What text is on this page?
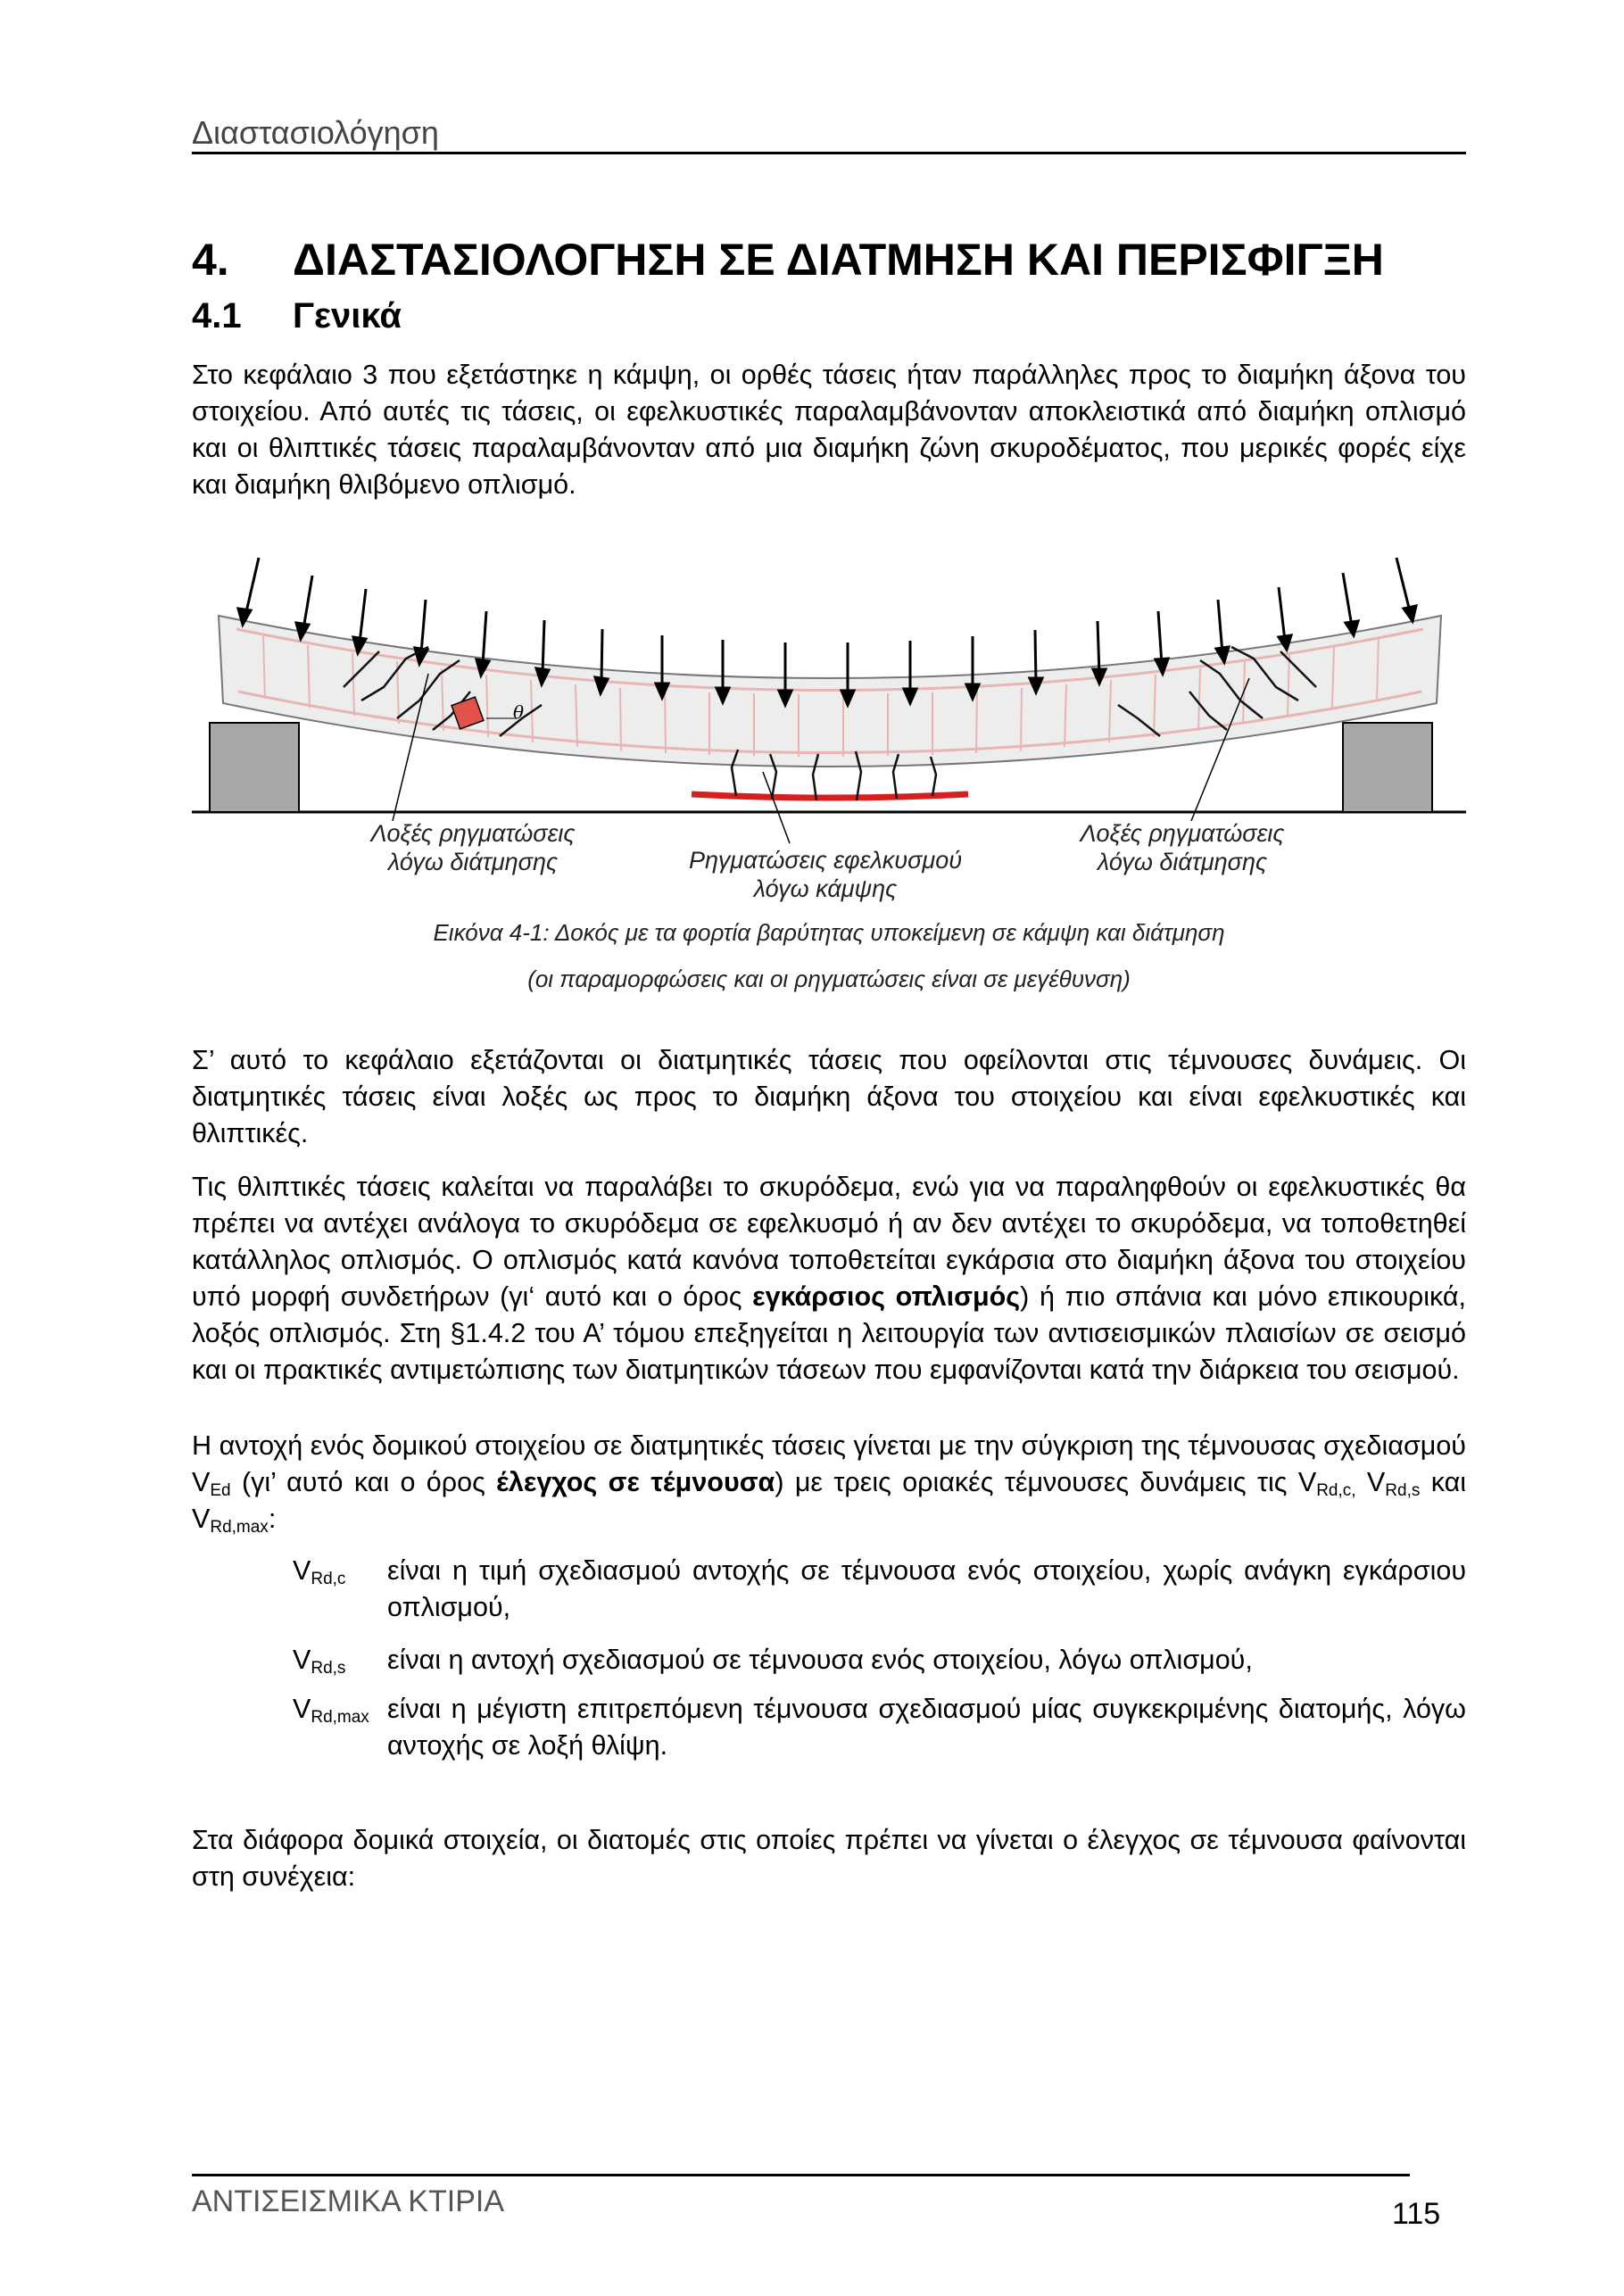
Διαστασιολόγηση
4. ΔΙΑΣΤΑΣΙΟΛΟΓΗΣΗ ΣΕ ΔΙΑΤΜΗΣΗ ΚΑΙ ΠΕΡΙΣΦΙΓΞΗ
4.1 Γενικά
Στο κεφάλαιο 3 που εξετάστηκε η κάμψη, οι ορθές τάσεις ήταν παράλληλες προς το διαμήκη άξονα του στοιχείου. Από αυτές τις τάσεις, οι εφελκυστικές παραλαμβάνονταν αποκλειστικά από διαμήκη οπλισμό και οι θλιπτικές τάσεις παραλαμβάνονταν από μια διαμήκη ζώνη σκυροδέματος, που μερικές φορές είχε και διαμήκη θλιβόμενο οπλισμό.
θ
Λοξές ρηγματώσεις λόγω διάτμησης	Ρηγματώσεις εφελκυσμού λόγω κάμψης
Λοξές ρηγματώσεις λόγω διάτμησης
Εικόνα 4-1: Δοκός με τα φορτία βαρύτητας υποκείμενη σε κάμψη και διάτμηση
(οι παραμορφώσεις και οι ρηγματώσεις είναι σε μεγέθυνση)
Σ’ αυτό το κεφάλαιο εξετάζονται οι διατμητικές τάσεις που οφείλονται στις τέμνουσες δυνάμεις. Οι διατμητικές τάσεις είναι λοξές ως προς το διαμήκη άξονα του στοιχείου και είναι εφελκυστικές και θλιπτικές.
Τις θλιπτικές τάσεις καλείται να παραλάβει το σκυρόδεμα, ενώ για να παραληφθούν οι εφελκυστικές θα πρέπει να αντέχει ανάλογα το σκυρόδεμα σε εφελκυσμό ή αν δεν αντέχει το σκυρόδεμα, να τοποθετηθεί κατάλληλος οπλισμός. Ο οπλισμός κατά κανόνα τοποθετείται εγκάρσια στο διαμήκη άξονα του στοιχείου υπό μορφή συνδετήρων (γι‘ αυτό και ο όρος εγκάρσιος οπλισμός) ή πιο σπάνια και μόνο επικουρικά, λοξός οπλισμός. Στη §1.4.2 του Α’ τόμου επεξηγείται η λειτουργία των αντισεισμικών πλαισίων σε σεισμό και οι πρακτικές αντιμετώπισης των διατμητικών τάσεων που εμφανίζονται κατά την διάρκεια του σεισμού.
Η αντοχή ενός δομικού στοιχείου σε διατμητικές τάσεις γίνεται με την σύγκριση της τέμνουσας σχεδιασμού $V_{Ed}$ (γι’ αυτό και ο όρος έλεγχος σε τέμνουσα) με τρεις οριακές τέμνουσες δυνάμεις τις $V_{Rd,c,}$ $V_{Rd,s}$ και $V_{Rd,max}$:
$V_{Rd,c}$ είναι η τιμή σχεδιασμού αντοχής σε τέμνουσα ενός στοιχείου, χωρίς ανάγκη εγκάρσιου οπλισμού,
$V_{Rd,s}$ είναι η αντοχή σχεδιασμού σε τέμνουσα ενός στοιχείου, λόγω οπλισμού,
$V_{Rd,max}$ είναι η μέγιστη επιτρεπόμενη τέμνουσα σχεδιασμού μίας συγκεκριμένης διατομής, λόγω αντοχής σε λοξή θλίψη.
Στα διάφορα δομικά στοιχεία, οι διατομές στις οποίες πρέπει να γίνεται ο έλεγχος σε τέμνουσα φαίνονται στη συνέχεια:
ΑΝΤΙΣΕΙΣΜΙΚΑ ΚΤΙΡΙΑ	115
